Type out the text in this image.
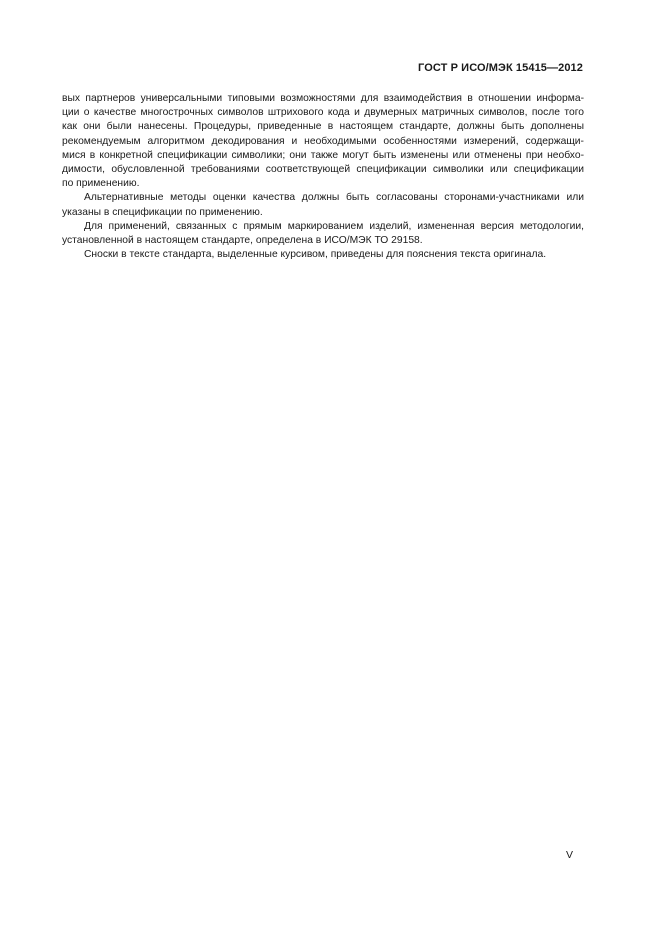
ГОСТ Р ИСО/МЭК 15415—2012
вых партнеров универсальными типовыми возможностями для взаимодействия в отношении информа-
ции о качестве многострочных символов штрихового кода и двумерных матричных символов, после того
как они были нанесены. Процедуры, приведенные в настоящем стандарте, должны быть дополнены
рекомендуемым алгоритмом декодирования и необходимыми особенностями измерений, содержащи-
мися в конкретной спецификации символики; они также могут быть изменены или отменены при необхо-
димости, обусловленной требованиями соответствующей спецификации символики или спецификации
по применению.
Альтернативные методы оценки качества должны быть согласованы сторонами-участниками или
указаны в спецификации по применению.
Для применений, связанных с прямым маркированием изделий, измененная версия методологии,
установленной в настоящем стандарте, определена в ИСО/МЭК ТО 29158.
Сноски в тексте стандарта, выделенные курсивом, приведены для пояснения текста оригинала.
V
